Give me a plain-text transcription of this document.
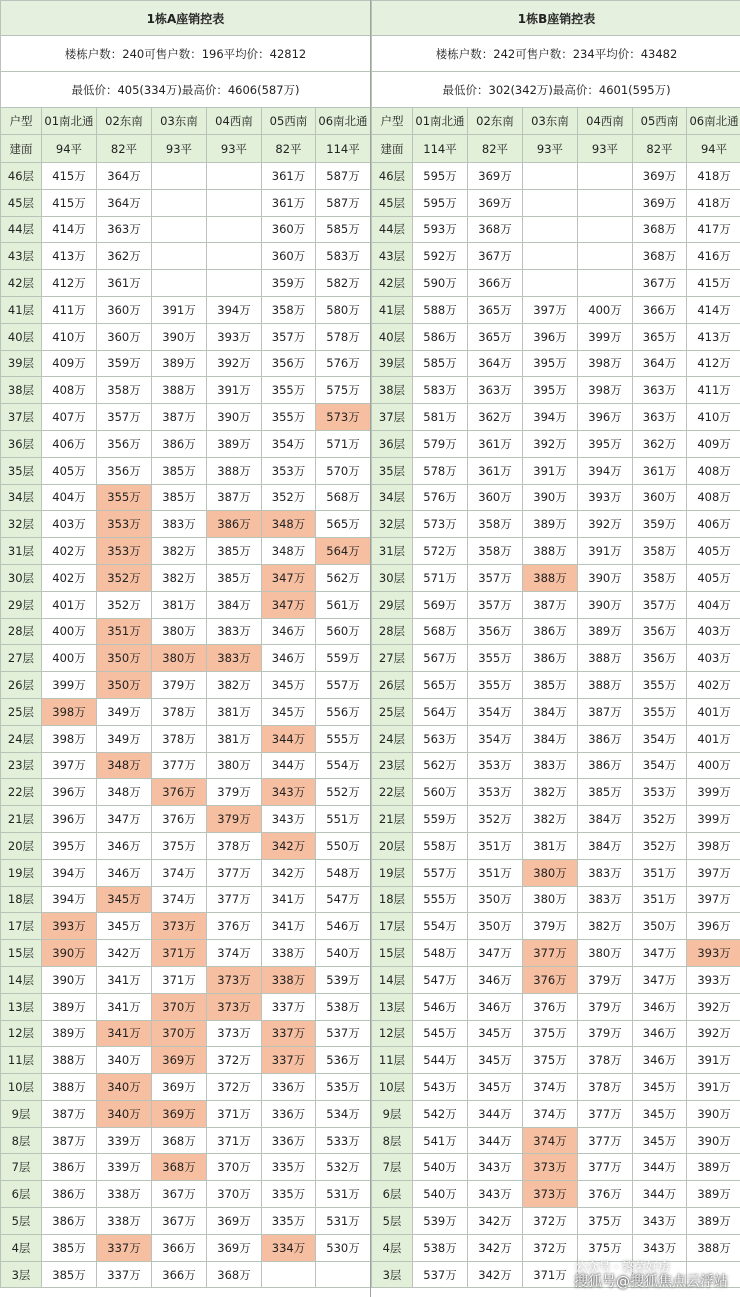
1栋A座销控表						
楼栋户数：240可售户数：196平均价：42812						
最低价：405(334万)最高价：4606(587万)						
户型	01南北通	02东南	03东南	04西南	05西南	06南北通
建面	94平	82平	93平	93平	82平	114平
46层	415万	364万			361万	587万
45层	415万	364万			361万	587万
44层	414万	363万			360万	585万
43层	413万	362万			360万	583万
42层	412万	361万			359万	582万
41层	411万	360万	391万	394万	358万	580万
40层	410万	360万	390万	393万	357万	578万
39层	409万	359万	389万	392万	356万	576万
38层	408万	358万	388万	391万	355万	575万
37层	407万	357万	387万	390万	355万	573万
36层	406万	356万	386万	389万	354万	571万
35层	405万	356万	385万	388万	353万	570万
34层	404万	355万	385万	387万	352万	568万
32层	403万	353万	383万	386万	348万	565万
31层	402万	353万	382万	385万	348万	564万
30层	402万	352万	382万	385万	347万	562万
29层	401万	352万	381万	384万	347万	561万
28层	400万	351万	380万	383万	346万	560万
27层	400万	350万	380万	383万	346万	559万
26层	399万	350万	379万	382万	345万	557万
25层	398万	349万	378万	381万	345万	556万
24层	398万	349万	378万	381万	344万	555万
23层	397万	348万	377万	380万	344万	554万
22层	396万	348万	376万	379万	343万	552万
21层	396万	347万	376万	379万	343万	551万
20层	395万	346万	375万	378万	342万	550万
19层	394万	346万	374万	377万	342万	548万
18层	394万	345万	374万	377万	341万	547万
17层	393万	345万	373万	376万	341万	546万
15层	390万	342万	371万	374万	338万	540万
14层	390万	341万	371万	373万	338万	539万
13层	389万	341万	370万	373万	337万	538万
12层	389万	341万	370万	373万	337万	537万
11层	388万	340万	369万	372万	337万	536万
10层	388万	340万	369万	372万	336万	535万
9层	387万	340万	369万	371万	336万	534万
8层	387万	339万	368万	371万	336万	533万
7层	386万	339万	368万	370万	335万	532万
6层	386万	338万	367万	370万	335万	531万
5层	386万	338万	367万	369万	335万	531万
4层	385万	337万	366万	369万	334万	530万
3层	385万	337万	366万	368万		
1栋B座销控表						
楼栋户数：242可售户数：234平均价：43482						
最低价：302(342万)最高价：4601(595万)						
户型	01南北通	02东南	03东南	04西南	05西南	06南北通
建面	114平	82平	93平	93平	82平	94平
46层	595万	369万			369万	418万
45层	595万	369万			369万	418万
44层	593万	368万			368万	417万
43层	592万	367万			368万	416万
42层	590万	366万			367万	415万
41层	588万	365万	397万	400万	366万	414万
40层	586万	365万	396万	399万	365万	413万
39层	585万	364万	395万	398万	364万	412万
38层	583万	363万	395万	398万	363万	411万
37层	581万	362万	394万	396万	363万	410万
36层	579万	361万	392万	395万	362万	409万
35层	578万	361万	391万	394万	361万	408万
34层	576万	360万	390万	393万	360万	408万
32层	573万	358万	389万	392万	359万	406万
31层	572万	358万	388万	391万	358万	405万
30层	571万	357万	388万	390万	358万	405万
29层	569万	357万	387万	390万	357万	404万
28层	568万	356万	386万	389万	356万	403万
27层	567万	355万	386万	388万	356万	403万
26层	565万	355万	385万	388万	355万	402万
25层	564万	354万	384万	387万	355万	401万
24层	563万	354万	384万	386万	354万	401万
23层	562万	353万	383万	386万	354万	400万
22层	560万	353万	382万	385万	353万	399万
21层	559万	352万	382万	384万	352万	399万
20层	558万	351万	381万	384万	352万	398万
19层	557万	351万	380万	383万	351万	397万
18层	555万	350万	380万	383万	351万	397万
17层	554万	350万	379万	382万	350万	396万
15层	548万	347万	377万	380万	347万	393万
14层	547万	346万	376万	379万	347万	393万
13层	546万	346万	376万	379万	346万	392万
12层	545万	345万	375万	379万	346万	392万
11层	544万	345万	375万	378万	346万	391万
10层	543万	345万	374万	378万	345万	391万
9层	542万	344万	374万	377万	345万	390万
8层	541万	344万	374万	377万	345万	390万
7层	540万	343万	373万	377万	344万	389万
6层	540万	343万	373万	376万	344万	389万
5层	539万	342万	372万	375万	343万	389万
4层	538万	342万	372万	375万	343万	388万
3层	537万	342万	371万			
公众号 · 繁荣好房
搜狐号@搜狐焦点云浮站
